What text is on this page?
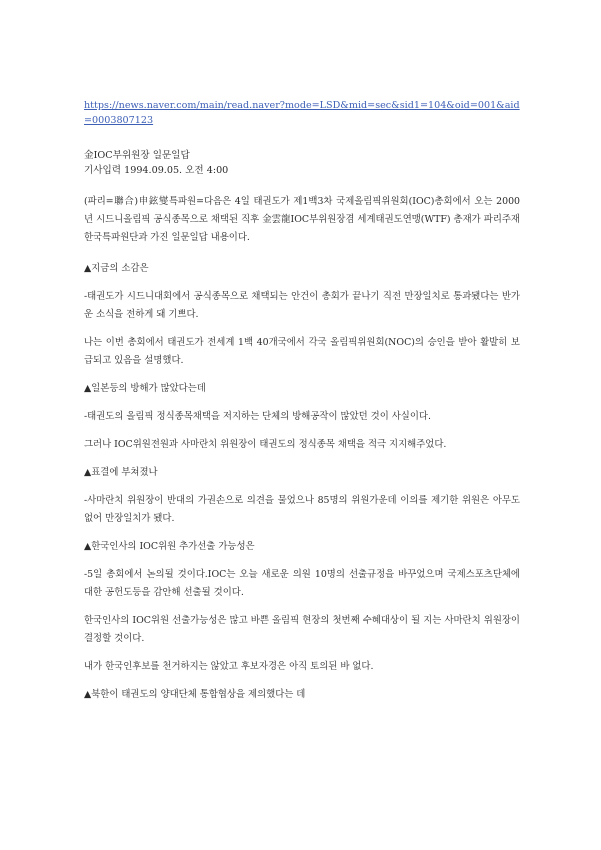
https://news.naver.com/main/read.naver?mode=LSD&mid=sec&sid1=104&oid=001&aid=0003807123
金IOC부위원장 일문일답
기사입력 1994.09.05. 오전 4:00

(파리=聯合)申鉉燮특파원=다음은 4일 태권도가 제1백3차 국제올림픽위원회(IOC)총회에서 오는 2000년 시드니올림픽 공식종목으로 채택된 직후 金雲龍IOC부위원장겸 세계태권도연맹(WTF) 총재가 파리주재 한국특파원단과 가진 일문일답 내용이다.

▲지금의 소감은

-태권도가 시드니대회에서 공식종목으로 채택되는 안건이 총회가 끝나기 직전 만장일치로 통과됐다는 반가운 소식을 전하게 돼 기쁘다.

나는 이번 총회에서 태권도가 전세계 1백 40개국에서 각국 올림픽위원회(NOC)의 승인을 받아 활발히 보급되고 있음을 설명했다.

▲일본등의 방해가 많았다는데

-태권도의 올림픽 정식종목채택을 저지하는 단체의 방해공작이 많았던 것이 사실이다.

그러나 IOC위원전원과 사마란치 위원장이 태권도의 정식종목 채택을 적극 지지해주었다.

▲표결에 부쳐졌나

-사마란치 위원장이 반대의 가권손으로 의견을 물었으나 85명의 위원가운데 이의를 제기한 위원은 아무도 없어 만장일치가 됐다.

▲한국인사의 IOC위원 추가선출 가능성은

-5일 총회에서 논의될 것이다.IOC는 오늘 새로운 의원 10명의 선출규정을 바꾸었으며 국제스포츠단체에 대한 공헌도등을 감안해 선출될 것이다.

한국인사의 IOC위원 선출가능성은 많고 바쁜 올림픽 현장의 첫번째 수혜대상이 될 지는 사마란치 위원장이 결정할 것이다.

내가 한국인후보를 천거하지는 않았고 후보자경은 아직 토의된 바 없다.

▲북한이 태권도의 양대단체 통합협상을 제의했다는 데
